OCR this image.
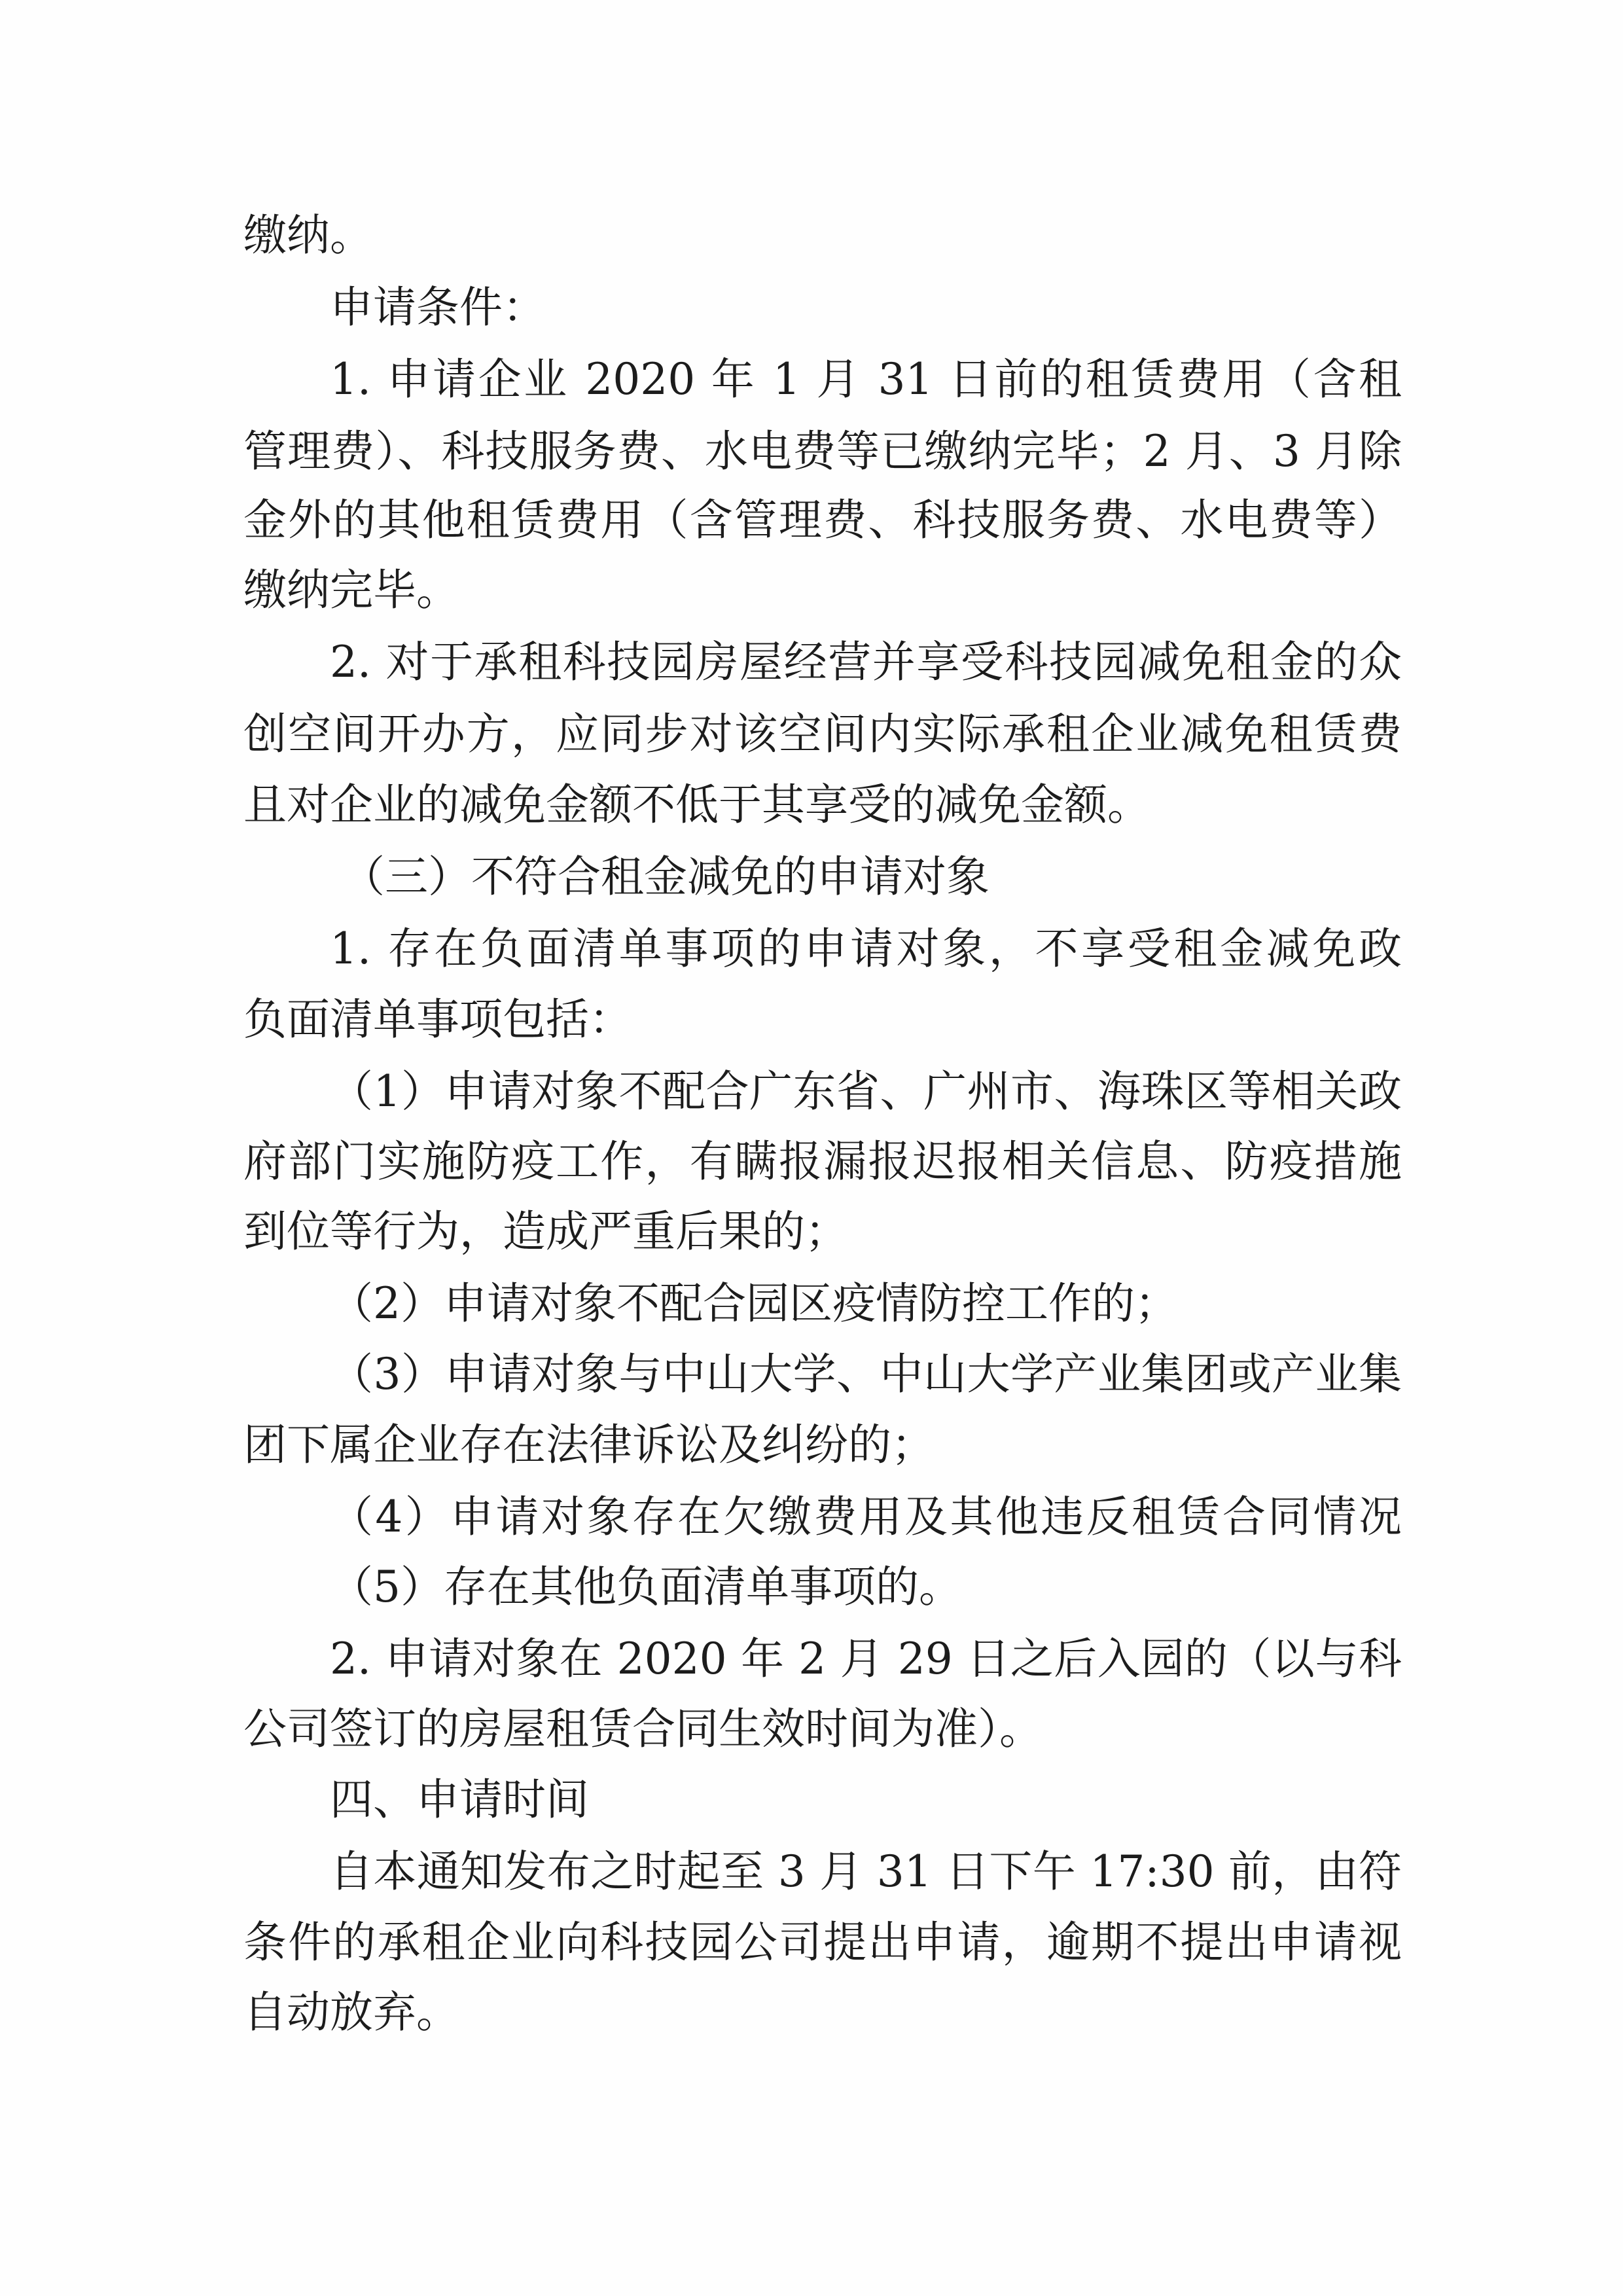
缴纳。

申请条件：

1. 申请企业 2020 年 1 月 31 日前的租赁费用（含租

管理费）、科技服务费、水电费等已缴纳完毕；2 月、3 月除

金外的其他租赁费用（含管理费、科技服务费、水电费等）

缴纳完毕。

2. 对于承租科技园房屋经营并享受科技园减免租金的众

创空间开办方，应同步对该空间内实际承租企业减免租赁费

且对企业的减免金额不低于其享受的减免金额。

（三）不符合租金减免的申请对象

1. 存在负面清单事项的申请对象，不享受租金减免政

负面清单事项包括：

（1）申请对象不配合广东省、广州市、海珠区等相关政

府部门实施防疫工作，有瞒报漏报迟报相关信息、防疫措施

到位等行为，造成严重后果的；

（2）申请对象不配合园区疫情防控工作的；

（3）申请对象与中山大学、中山大学产业集团或产业集

团下属企业存在法律诉讼及纠纷的；

（4）申请对象存在欠缴费用及其他违反租赁合同情况

（5）存在其他负面清单事项的。

2. 申请对象在 2020 年 2 月 29 日之后入园的（以与科

公司签订的房屋租赁合同生效时间为准）。

四、申请时间

自本通知发布之时起至 3 月 31 日下午 17:30 前，由符

条件的承租企业向科技园公司提出申请，逾期不提出申请视

自动放弃。
